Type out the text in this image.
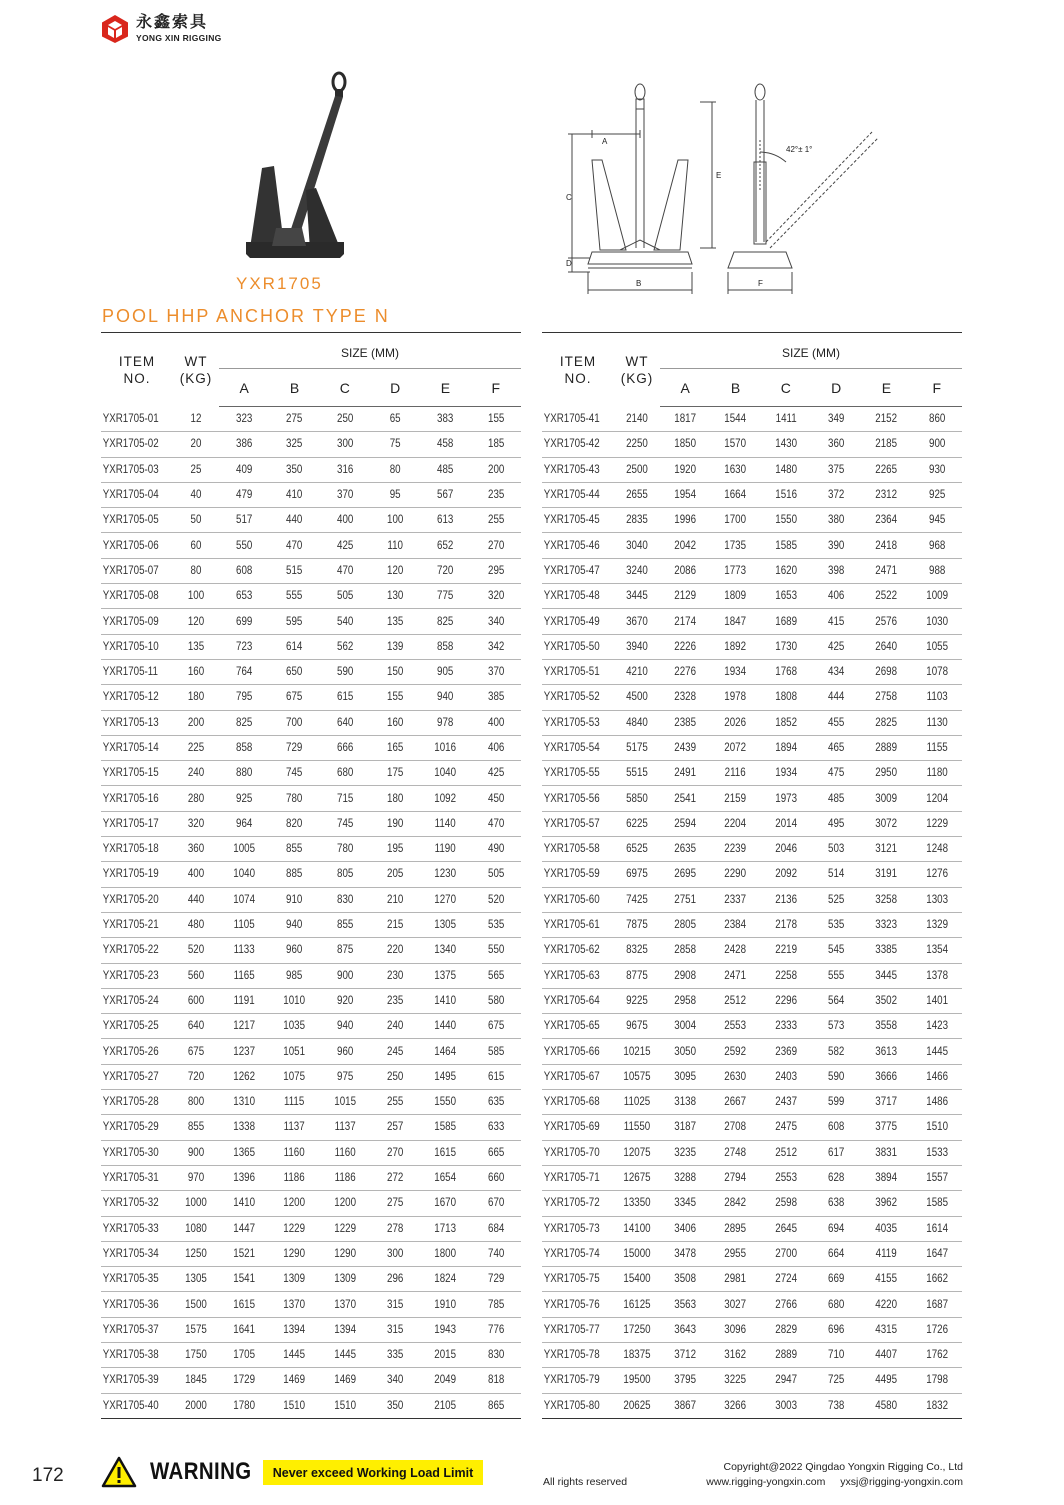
永鑫索具
YONG XIN RIGGING
A
B
C
D
E
F
42°± 1°
YXR1705
POOL HHP ANCHOR TYPE N
ITEM
NO.	WT
(KG)	SIZE (MM)					
		A	B	C	D	E	F
YXR1705-01	12	323	275	250	65	383	155
YXR1705-02	20	386	325	300	75	458	185
YXR1705-03	25	409	350	316	80	485	200
YXR1705-04	40	479	410	370	95	567	235
YXR1705-05	50	517	440	400	100	613	255
YXR1705-06	60	550	470	425	110	652	270
YXR1705-07	80	608	515	470	120	720	295
YXR1705-08	100	653	555	505	130	775	320
YXR1705-09	120	699	595	540	135	825	340
YXR1705-10	135	723	614	562	139	858	342
YXR1705-11	160	764	650	590	150	905	370
YXR1705-12	180	795	675	615	155	940	385
YXR1705-13	200	825	700	640	160	978	400
YXR1705-14	225	858	729	666	165	1016	406
YXR1705-15	240	880	745	680	175	1040	425
YXR1705-16	280	925	780	715	180	1092	450
YXR1705-17	320	964	820	745	190	1140	470
YXR1705-18	360	1005	855	780	195	1190	490
YXR1705-19	400	1040	885	805	205	1230	505
YXR1705-20	440	1074	910	830	210	1270	520
YXR1705-21	480	1105	940	855	215	1305	535
YXR1705-22	520	1133	960	875	220	1340	550
YXR1705-23	560	1165	985	900	230	1375	565
YXR1705-24	600	1191	1010	920	235	1410	580
YXR1705-25	640	1217	1035	940	240	1440	675
YXR1705-26	675	1237	1051	960	245	1464	585
YXR1705-27	720	1262	1075	975	250	1495	615
YXR1705-28	800	1310	1115	1015	255	1550	635
YXR1705-29	855	1338	1137	1137	257	1585	633
YXR1705-30	900	1365	1160	1160	270	1615	665
YXR1705-31	970	1396	1186	1186	272	1654	660
YXR1705-32	1000	1410	1200	1200	275	1670	670
YXR1705-33	1080	1447	1229	1229	278	1713	684
YXR1705-34	1250	1521	1290	1290	300	1800	740
YXR1705-35	1305	1541	1309	1309	296	1824	729
YXR1705-36	1500	1615	1370	1370	315	1910	785
YXR1705-37	1575	1641	1394	1394	315	1943	776
YXR1705-38	1750	1705	1445	1445	335	2015	830
YXR1705-39	1845	1729	1469	1469	340	2049	818
YXR1705-40	2000	1780	1510	1510	350	2105	865
ITEM
NO.	WT
(KG)	SIZE (MM)					
		A	B	C	D	E	F
YXR1705-41	2140	1817	1544	1411	349	2152	860
YXR1705-42	2250	1850	1570	1430	360	2185	900
YXR1705-43	2500	1920	1630	1480	375	2265	930
YXR1705-44	2655	1954	1664	1516	372	2312	925
YXR1705-45	2835	1996	1700	1550	380	2364	945
YXR1705-46	3040	2042	1735	1585	390	2418	968
YXR1705-47	3240	2086	1773	1620	398	2471	988
YXR1705-48	3445	2129	1809	1653	406	2522	1009
YXR1705-49	3670	2174	1847	1689	415	2576	1030
YXR1705-50	3940	2226	1892	1730	425	2640	1055
YXR1705-51	4210	2276	1934	1768	434	2698	1078
YXR1705-52	4500	2328	1978	1808	444	2758	1103
YXR1705-53	4840	2385	2026	1852	455	2825	1130
YXR1705-54	5175	2439	2072	1894	465	2889	1155
YXR1705-55	5515	2491	2116	1934	475	2950	1180
YXR1705-56	5850	2541	2159	1973	485	3009	1204
YXR1705-57	6225	2594	2204	2014	495	3072	1229
YXR1705-58	6525	2635	2239	2046	503	3121	1248
YXR1705-59	6975	2695	2290	2092	514	3191	1276
YXR1705-60	7425	2751	2337	2136	525	3258	1303
YXR1705-61	7875	2805	2384	2178	535	3323	1329
YXR1705-62	8325	2858	2428	2219	545	3385	1354
YXR1705-63	8775	2908	2471	2258	555	3445	1378
YXR1705-64	9225	2958	2512	2296	564	3502	1401
YXR1705-65	9675	3004	2553	2333	573	3558	1423
YXR1705-66	10215	3050	2592	2369	582	3613	1445
YXR1705-67	10575	3095	2630	2403	590	3666	1466
YXR1705-68	11025	3138	2667	2437	599	3717	1486
YXR1705-69	11550	3187	2708	2475	608	3775	1510
YXR1705-70	12075	3235	2748	2512	617	3831	1533
YXR1705-71	12675	3288	2794	2553	628	3894	1557
YXR1705-72	13350	3345	2842	2598	638	3962	1585
YXR1705-73	14100	3406	2895	2645	694	4035	1614
YXR1705-74	15000	3478	2955	2700	664	4119	1647
YXR1705-75	15400	3508	2981	2724	669	4155	1662
YXR1705-76	16125	3563	3027	2766	680	4220	1687
YXR1705-77	17250	3643	3096	2829	696	4315	1726
YXR1705-78	18375	3712	3162	2889	710	4407	1762
YXR1705-79	19500	3795	3225	2947	725	4495	1798
YXR1705-80	20625	3867	3266	3003	738	4580	1832
172	WARNING Never exceed Working Load Limit	Copyright@2022 Qingdao Yongxin Rigging Co., Ltd
All rights reserved	www.rigging-yongxin.com yxsj@rigging-yongxin.com
